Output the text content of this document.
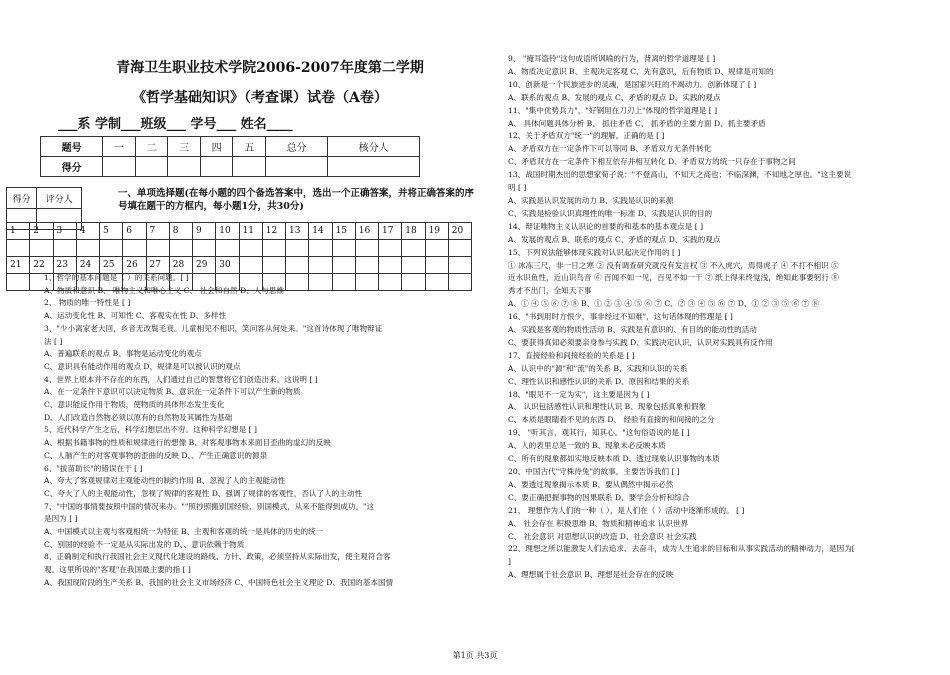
青海卫生职业技术学院2006-2007年度第二学期
《哲学基础知识》（考查课）试卷（A卷）
___系 学制___班级___ 学号___ 姓名____
题号	一	二	三	四	五	总分	核分人
得分							
得分	评分人

一、单项选择题(在每小题的四个备选答案中，选出一个正确答案，并将正确答案的序号填在题干的方框内，每小题1分，共30分)
1	2	3	4	5	6	7	8	9	10	11	12	13	14	15	16	17	18	19	20

21	22	23	24	25	26	27	28	29	30										

1、哲学的基本问题是（ ）的关系问题。[ ]
A、物质和意识 B、 唯物主义和唯心主义 C、 社会和自然 D、人与思维
2、 物质的唯一特性是 [ ]
A、运动变化性 B、可知性 C、客观实在性 D、多样性
3、"少小离家老大回，乡音无改鬓毛衰。儿童相见不相识，笑问客从何处来。"这首诗体现了唯物辩证
法 [ ]
A、普遍联系的观点 B、事物是运动变化的观点
C、意识具有能动作用的观点 D、规律是可以被认识的观点
4、世界上原本并不存在的东西，人们通过自己的智慧将它们创造出来。这说明 [ ]
A、在一定条件下意识可以决定物质 B、意识在一定条件下可以产生新的物质
C、意识能反作用于物质，使物质的具体形态发生变化
D、人们改造自然物必须以原有的自然物及其属性为基础
5、近代科学产生之后，科学幻想层出不穷。这种科学幻想是 [ ]
A、根据书籍事物的性质和规律进行的想像 B、对客观事物本来面目歪曲的虚幻的反映
C、人脑产生的对客观事物的歪曲的反映 D、、产生正确意识的源泉
6、"拔苗助长"的错误在于 [ ]
A、夸大了客观规律对主观能动性的制约作用 B、忽视了人的主观能动性
C、夸大了人的主观能动性，忽视了规律的客观性 D、强调了规律的客观性，否认了人的主动性
7、"中国的事情要按照中国的情况来办。""照抄照搬别国经验、别国模式，从来不能得到成功。"这
是因为 [ ]
A、中国模式以主观与客观相统一为特征 B、主观和客观的统一是具体的历史的统一
C、别国的经验不一定是从实际出发的 D、、意识依赖于物质
8、正确制定和执行我国社会主义现代化建设的路线、方针、政策，必须坚持从实际出发，使主观符合客
观。这里所说的"客观"在我国最主要的指 [ ]
A、我国现阶段的生产关系 B、我国的社会主义市场经济 C、中国特色社会主义理论 D、我国的基本国情
9、 "掩耳盗铃"这句成语所讽喻的行为，背离的哲学道理是 [ ]
A、物质决定意识 B、主观决定客观 C、先有意识，后有物质 D、规律是可知的
10、创新是一个民族进步的灵魂，是国家兴旺的不竭动力。创新体现了 [ ]
A、联系的观点 B、发展的观点 C、矛盾的观点 D、实践的观点
11、"集中优势兵力"，"好钢用在刀刃上"体现的哲学道理是 [ ]
A、 具体问题具体分析 B、 抓住矛盾 C、 抓矛盾的主要方面 D、抓主要矛盾
12、关于矛盾双方"统一"的理解，正确的是 [ ]
A、矛盾双方在一定条件下可以等同 B、矛盾双方无条件转化
C、矛盾双方在一定条件下相互依存并相互转化 D、矛盾双方的统一只存在于事物之间
13、战国时期杰出的思想家荀子说："不登高山，不知天之高也；不临深渊，不知地之厚也。"这主要说
明 [ ]
A、实践是认识发展的动力 B、实践是认识的来源
C、实践是检验认识真理性的唯一标准 D、实践是认识的目的
14、辩证唯物主义认识论的首要的和基本的基本观点是 [ ]
A、发展的观点 B、联系的观点 C、矛盾的观点 D、实践的观点
15、下列说法能够体现实践对认识起决定作用的 [ ]
① 冰冻三尺，非一日之寒 ② 没有调查研究就没有发言权 ③ 不入虎穴，焉得虎子 ④ 不打不相识 ⑤
近水识鱼性，近山识鸟音 ⑥ 百闻不如一见，百见不如一干 ⑦ 纸上得来终觉浅，绝知此事要躬行 ⑧
秀才不出门，全知天下事
A、① ④ ⑤ ⑥ ⑦ ⑧ B、① ② ③ ④ ⑤ ⑥ ⑦ C、② ③ ④ ⑤ ⑥ ⑦ D、① ② ③ ⑤ ⑥ ⑦ ⑧
16、"书到用时方恨少，事非经过不知难"，这句话体现的哲理是 [ ]
A、实践是客观的物质性活动 B、实践是有意识的、有目的的能动性的活动
C、要获得真知必须要亲身参与实践 D、实践决定认识，认识对实践具有反作用
17、直接经验和间接经验的关系是 [ ]
A、认识中的"源"和"流"的关系 B、实践和认识的关系
C、理性认识和感性认识的关系 D、原因和结果的关系
18、"眼见不一定为实"，这主要是因为 [ ]
A、 认识包括感性认识和理性认识 B、现象包括真象和假象
C、本质是眼睛看不见的东西 D、 经验有直接的和间接的之分
19、 "听其言，观其行，知其心。"这句俗语说的是 [ ]
A、人的表里总是一致的 B、现象未必反映本质
C、所有的现象都如实地反映本质 D、透过现象认识事物的本质
20、中国古代"守株待兔"的故事，主要告诉我们 [ ]
A、要透过现象揭示本质 B、要从偶然中揭示必然
C、要正确把握事物的因果联系 D、要学会分析和综合
21、 理想作为人们的一种（ ），是人们在（ ）活动中逐渐形成的。 [ ]
A、 社会存在 积极思维 B、物质和精神追求 认识世界
C、 社会意识 对思想认识的改造 D、社会意识 社会实践
22、理想之所以能激发人们去追求、去奋斗，成为人生追求的目标和从事实践活动的精神动力，是因为[
]
A、理想属于社会意识 B、理想是社会存在的反映
第1页 共3页
